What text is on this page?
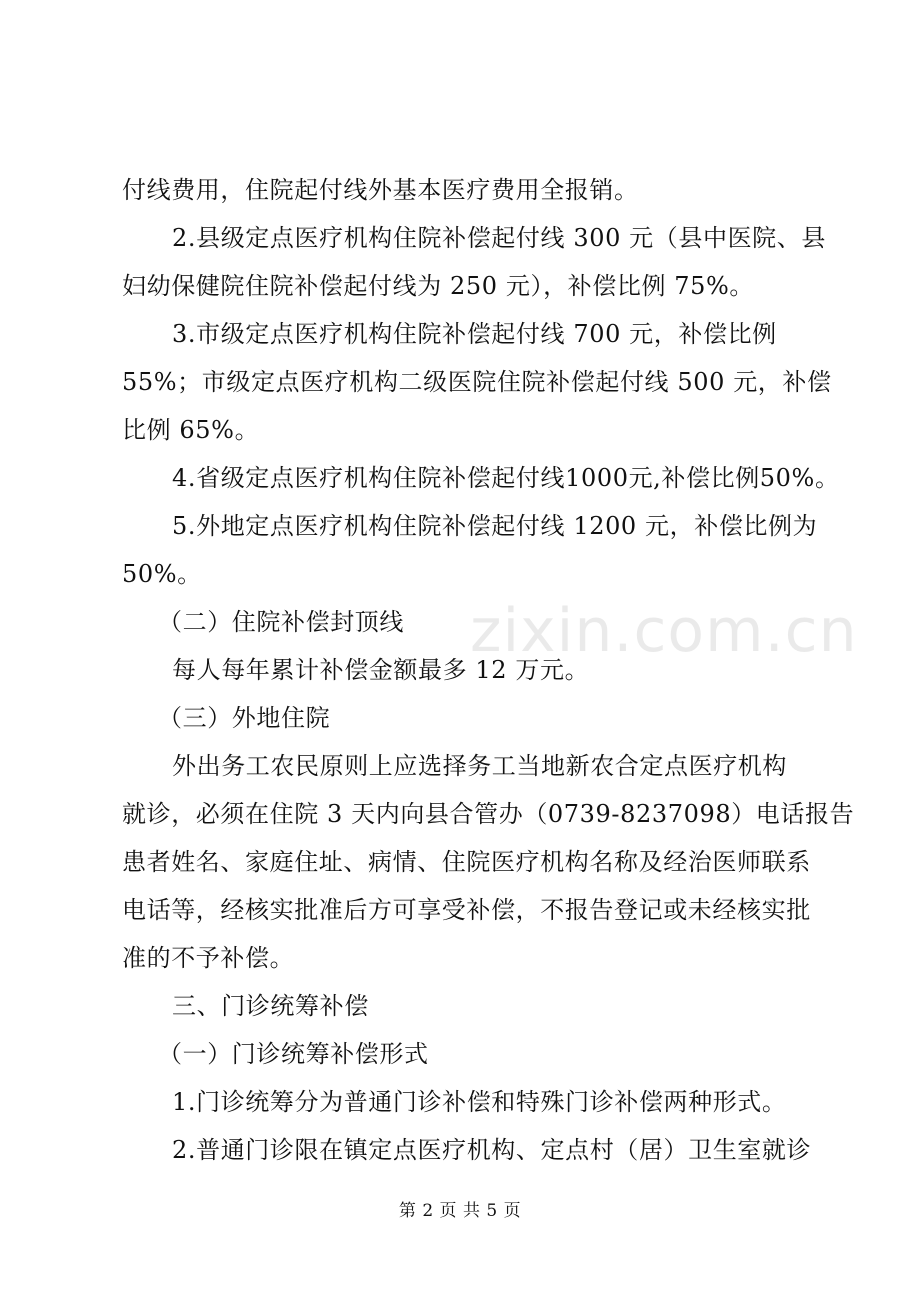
付线费用，住院起付线外基本医疗费用全报销。
2.县级定点医疗机构住院补偿起付线 300 元（县中医院、县
妇幼保健院住院补偿起付线为 250 元），补偿比例 75%。
3.市级定点医疗机构住院补偿起付线 700 元，补偿比例
55%；市级定点医疗机构二级医院住院补偿起付线 500 元，补偿
比例 65%。
4.省级定点医疗机构住院补偿起付线1000元,补偿比例50%。
5.外地定点医疗机构住院补偿起付线 1200 元，补偿比例为
50%。
（二）住院补偿封顶线
每人每年累计补偿金额最多 12 万元。
（三）外地住院
外出务工农民原则上应选择务工当地新农合定点医疗机构
就诊，必须在住院 3 天内向县合管办（0739-8237098）电话报告
患者姓名、家庭住址、病情、住院医疗机构名称及经治医师联系
电话等，经核实批准后方可享受补偿，不报告登记或未经核实批
准的不予补偿。
三、门诊统筹补偿
（一）门诊统筹补偿形式
1.门诊统筹分为普通门诊补偿和特殊门诊补偿两种形式。
2.普通门诊限在镇定点医疗机构、定点村（居）卫生室就诊
zixin.com.cn
第 2 页 共 5 页
